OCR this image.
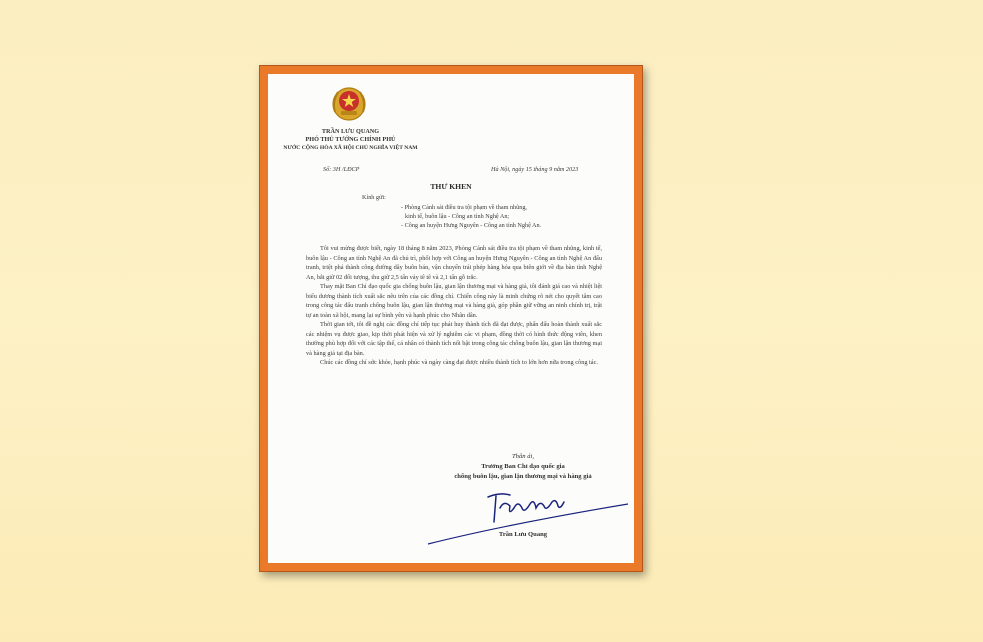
TRẦN LƯU QUANG
PHÓ THỦ TƯỚNG CHÍNH PHỦ
NƯỚC CỘNG HÒA XÃ HỘI CHỦ NGHĨA VIỆT NAM
Số: 3H /LĐCP	Hà Nội, ngày 15 tháng 9 năm 2023
THƯ KHEN
Kính gửi:
- Phòng Cảnh sát điều tra tội phạm về tham nhũng,
kinh tế, buôn lậu - Công an tỉnh Nghệ An;
- Công an huyện Hưng Nguyên - Công an tỉnh Nghệ An.

Tôi vui mừng được biết, ngày 18 tháng 8 năm 2023, Phòng Cảnh sát điều tra tội phạm về tham nhũng, kinh tế, buôn lậu - Công an tỉnh Nghệ An đã chủ trì, phối hợp với Công an huyện Hưng Nguyên - Công an tỉnh Nghệ An đấu tranh, triệt phá thành công đường dây buôn bán, vận chuyển trái phép hàng hóa qua biên giới về địa bàn tỉnh Nghệ An, bắt giữ 02 đối tượng, thu giữ 2,5 tấn vảy tê tê và 2,1 tấn gỗ trắc.

Thay mặt Ban Chỉ đạo quốc gia chống buôn lậu, gian lận thương mại và hàng giả, tôi đánh giá cao và nhiệt liệt biểu dương thành tích xuất sắc nêu trên của các đồng chí. Chiến công này là minh chứng rõ nét cho quyết tâm cao trong công tác đấu tranh chống buôn lậu, gian lận thương mại và hàng giả, góp phần giữ vững an ninh chính trị, trật tự an toàn xã hội, mang lại sự bình yên và hạnh phúc cho Nhân dân.

Thời gian tới, tôi đề nghị các đồng chí tiếp tục phát huy thành tích đã đạt được, phấn đấu hoàn thành xuất sắc các nhiệm vụ được giao, kịp thời phát hiện và xử lý nghiêm các vi phạm, đồng thời có hình thức động viên, khen thưởng phù hợp đối với các tập thể, cá nhân có thành tích nổi bật trong công tác chống buôn lậu, gian lận thương mại và hàng giả tại địa bàn.

Chúc các đồng chí sức khỏe, hạnh phúc và ngày càng đạt được nhiều thành tích to lớn hơn nữa trong công tác.

Thân ái,
Trưởng Ban Chỉ đạo quốc gia
chống buôn lậu, gian lận thương mại và hàng giả
Trần Lưu Quang
